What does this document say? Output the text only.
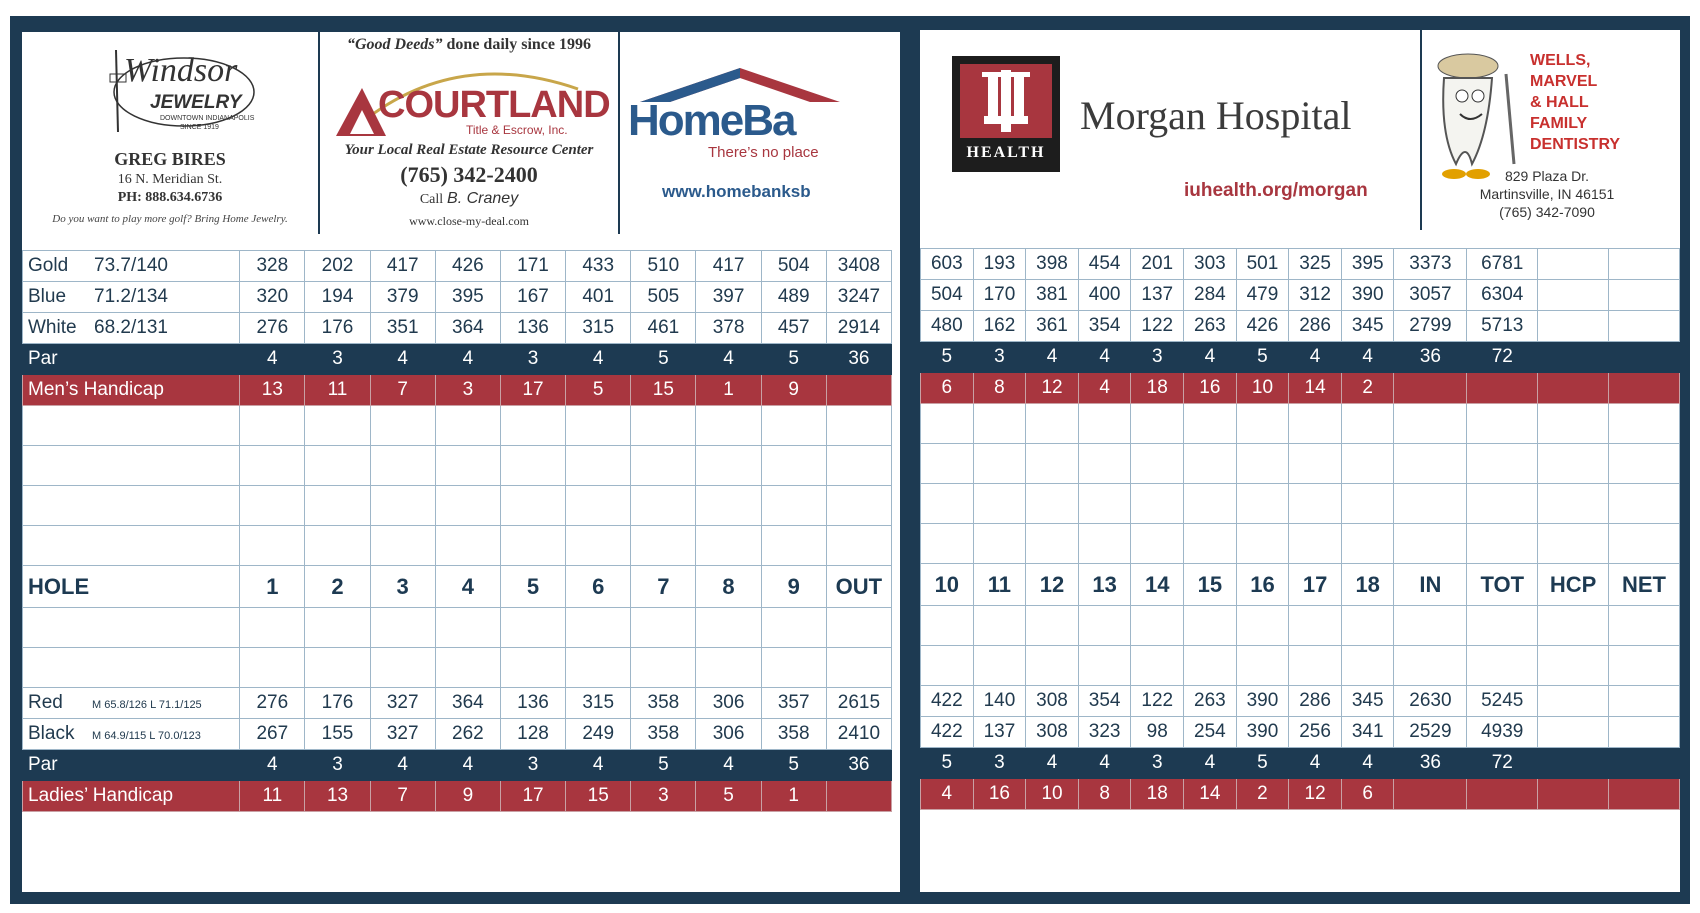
Windsor
JEWELRY
DOWNTOWN INDIANAPOLIS
SINCE 1919
GREG BIRES
16 N. Meridian St.
PH: 888.634.6736
Do you want to play more golf? Bring Home Jewelry.
“Good Deeds” done daily since 1996
COURTLAND
Title & Escrow, Inc.
Your Local Real Estate Resource Center
(765) 342-2400
Call B. Craney
www.close-my-deal.com
HomeBa
There’s no place
www.homebanksb
Gold 73.7/140	328	202	417	426	171	433	510	417	504	3408
Blue 71.2/134	320	194	379	395	167	401	505	397	489	3247
White 68.2/131	276	176	351	364	136	315	461	378	457	2914
Par	4	3	4	4	3	4	5	4	5	36
Men’s Handicap	13	11	7	3	17	5	15	1	9	

HOLE	1	2	3	4	5	6	7	8	9	OUT

Red M 65.8/126 L 71.1/125	276	176	327	364	136	315	358	306	357	2615
Black M 64.9/115 L 70.0/123	267	155	327	262	128	249	358	306	358	2410
Par	4	3	4	4	3	4	5	4	5	36
Ladies’ Handicap	11	13	7	9	17	15	3	5	1	
HEALTH
Morgan Hospital
iuhealth.org/morgan
WELLS,
MARVEL
& HALL
FAMILY
DENTISTRY
829 Plaza Dr.
Martinsville, IN 46151
(765) 342-7090
603	193	398	454	201	303	501	325	395	3373	6781		
504	170	381	400	137	284	479	312	390	3057	6304		
480	162	361	354	122	263	426	286	345	2799	5713		
5	3	4	4	3	4	5	4	4	36	72		
6	8	12	4	18	16	10	14	2				

10	11	12	13	14	15	16	17	18	IN	TOT	HCP	NET

422	140	308	354	122	263	390	286	345	2630	5245		
422	137	308	323	98	254	390	256	341	2529	4939		
5	3	4	4	3	4	5	4	4	36	72		
4	16	10	8	18	14	2	12	6				
